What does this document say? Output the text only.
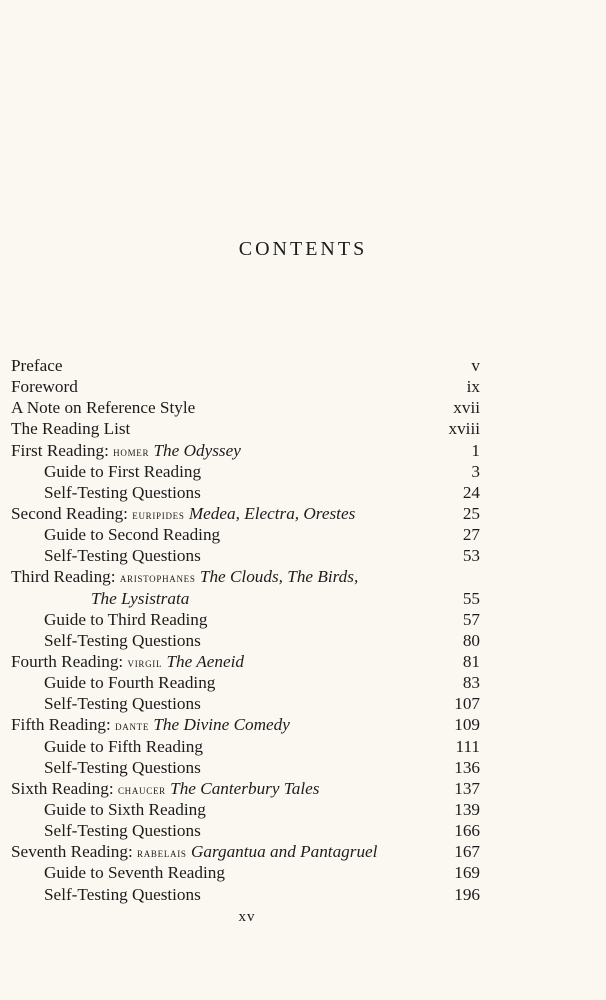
CONTENTS
Preface	v
Foreword	ix
A Note on Reference Style	xvii
The Reading List	xviii
First Reading: homer The Odyssey	1
Guide to First Reading	3
Self-Testing Questions	24
Second Reading: euripides Medea, Electra, Orestes	25
Guide to Second Reading	27
Self-Testing Questions	53
Third Reading: aristophanes The Clouds, The Birds,
The Lysistrata	55
Guide to Third Reading	57
Self-Testing Questions	80
Fourth Reading: virgil The Aeneid	81
Guide to Fourth Reading	83
Self-Testing Questions	107
Fifth Reading: dante The Divine Comedy	109
Guide to Fifth Reading	111
Self-Testing Questions	136
Sixth Reading: chaucer The Canterbury Tales	137
Guide to Sixth Reading	139
Self-Testing Questions	166
Seventh Reading: rabelais Gargantua and Pantagruel	167
Guide to Seventh Reading	169
Self-Testing Questions	196
xv
